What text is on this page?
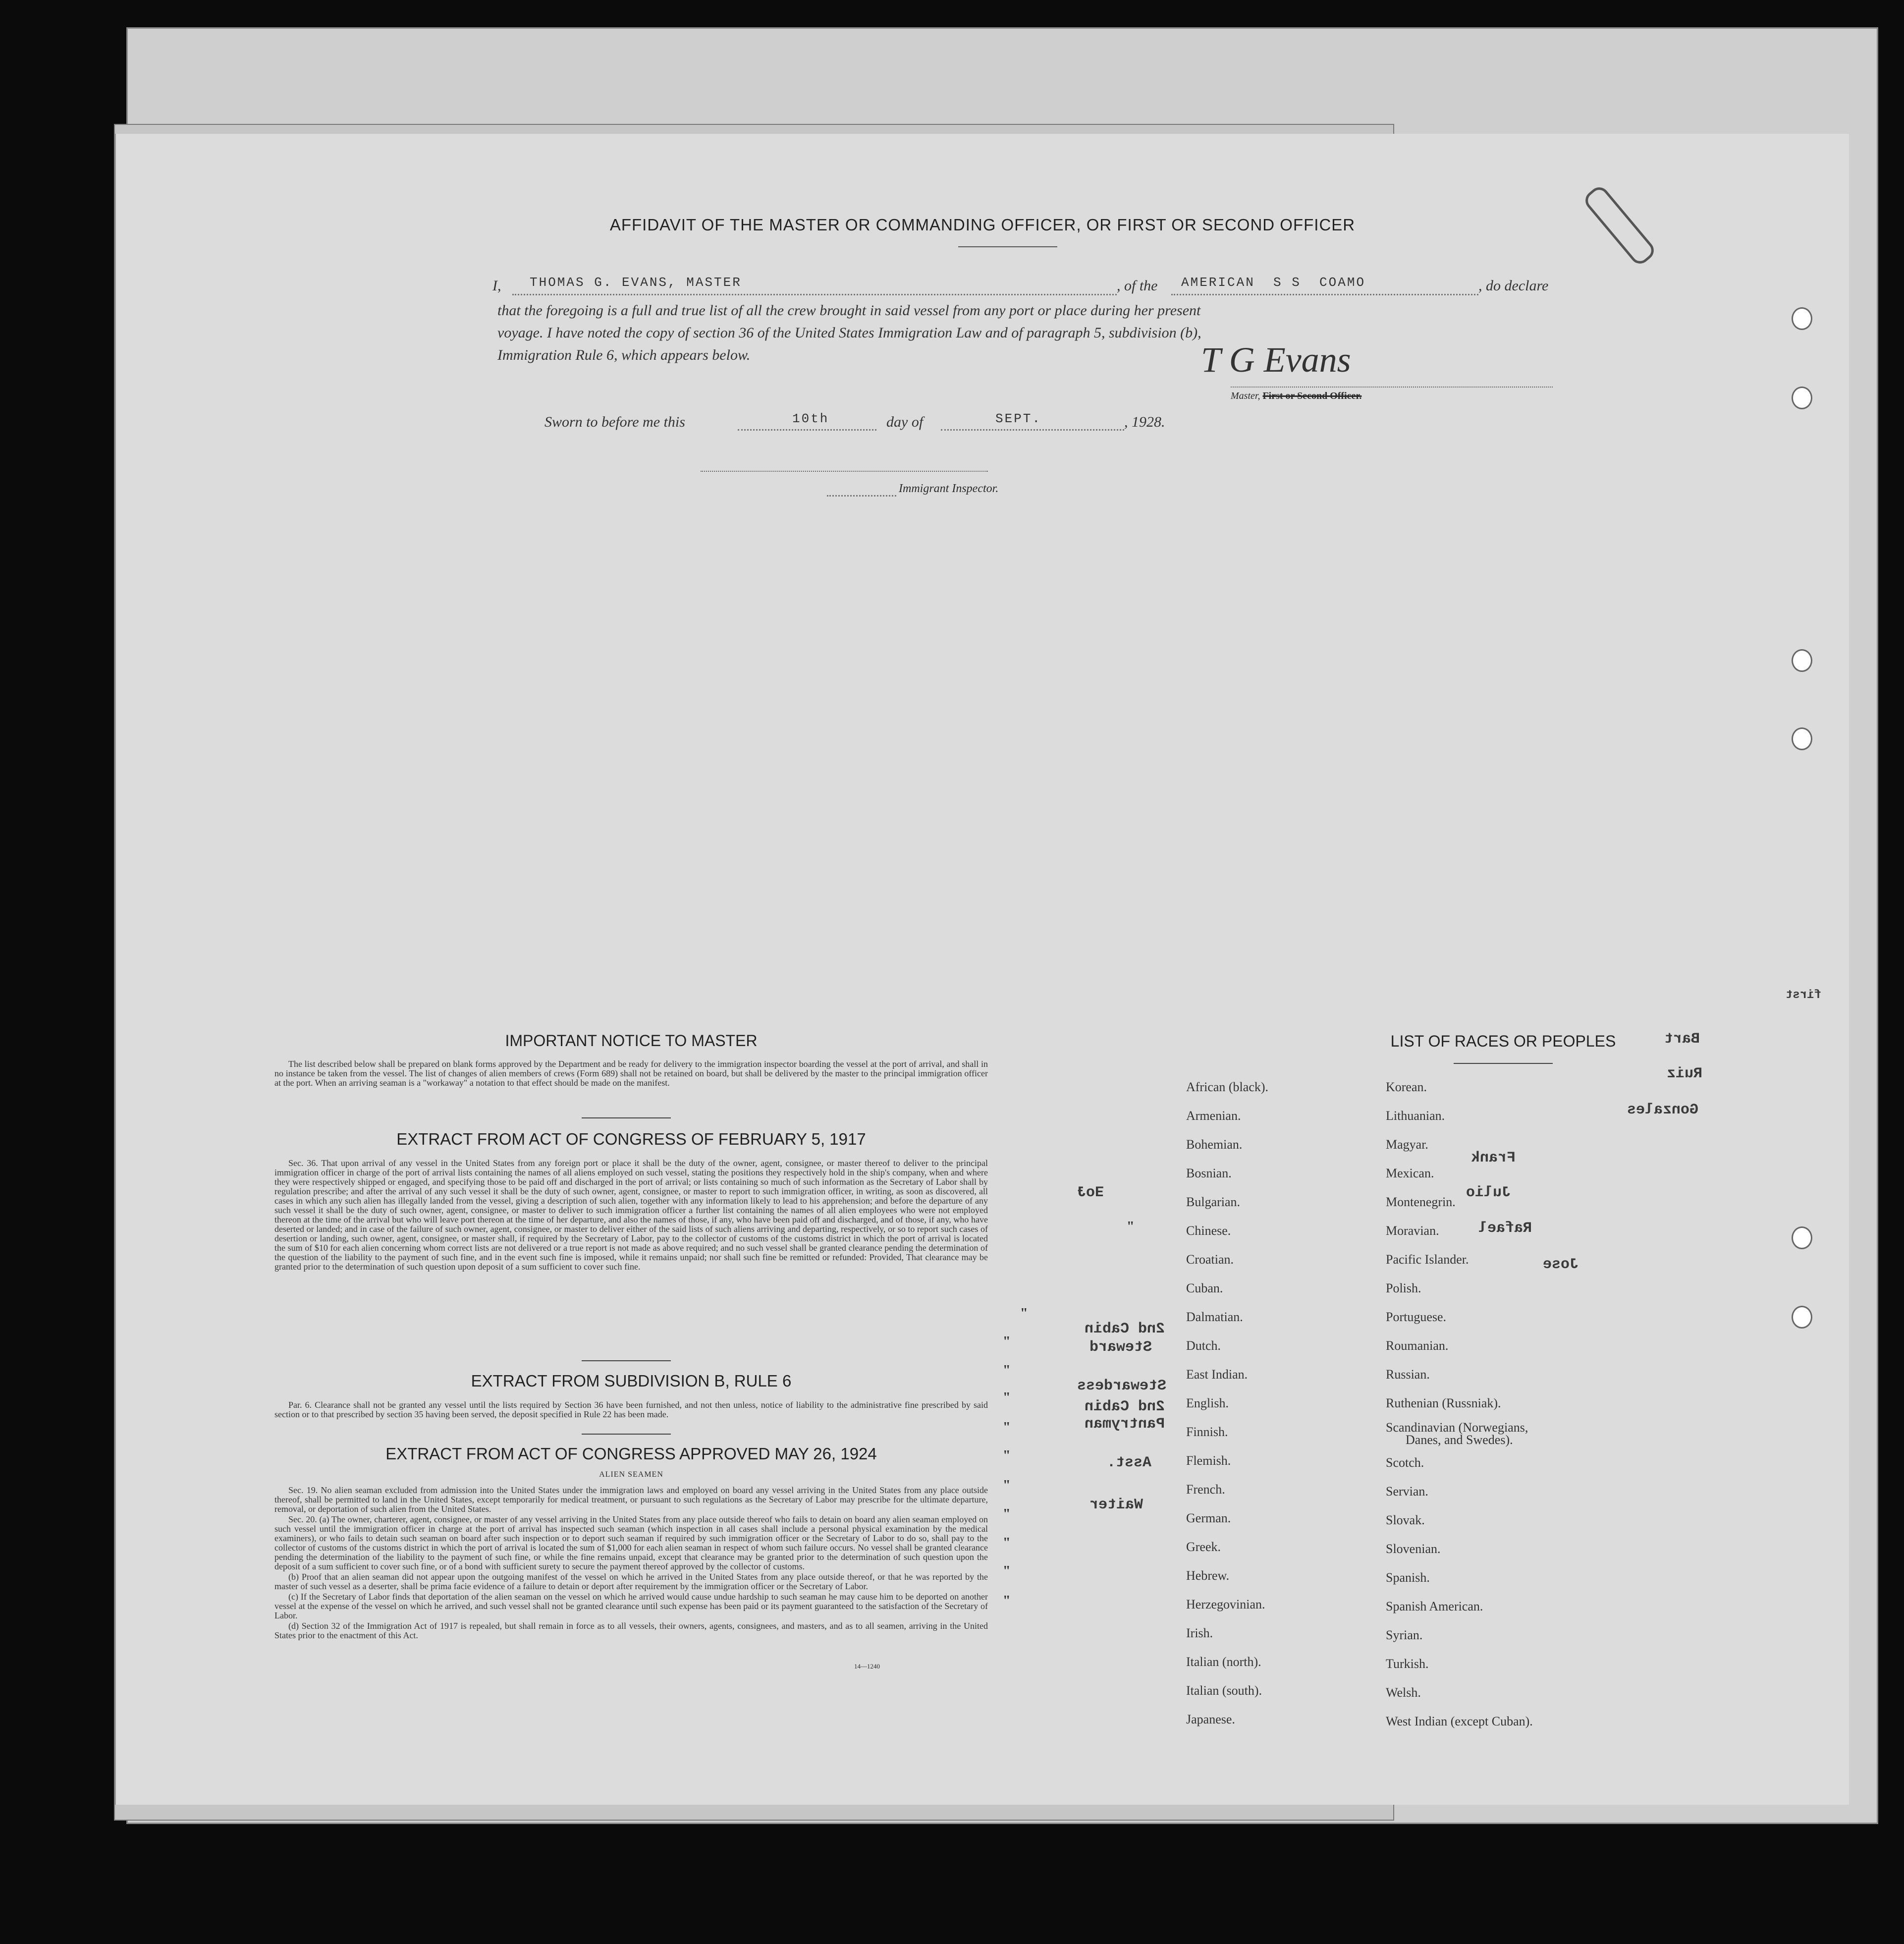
AFFIDAVIT OF THE MASTER OR COMMANDING OFFICER, OR FIRST OR SECOND OFFICER
I,	THOMAS G. EVANS, MASTER	, of the	AMERICAN  S S  COAMO	, do declare
that the foregoing is a full and true list of all the crew brought in said vessel from any port or place during her present
voyage. I have noted the copy of section 36 of the United States Immigration Law and of paragraph 5, subdivision (b),
Immigration Rule 6, which appears below.	T G Evans
Master, First or Second Officer.
Sworn to before me this	10th	day of	SEPT.	, 1928.
Immigrant Inspector.
IMPORTANT NOTICE TO MASTER

The list described below shall be prepared on blank forms approved by the Department and be ready for delivery to the immigration inspector boarding the vessel at the port of arrival, and shall in no instance be taken from the vessel. The list of changes of alien members of crews (Form 689) shall not be retained on board, but shall be delivered by the master to the principal immigration officer at the port. When an arriving seaman is a "workaway" a notation to that effect should be made on the manifest.

EXTRACT FROM ACT OF CONGRESS OF FEBRUARY 5, 1917

Sec. 36. That upon arrival of any vessel in the United States from any foreign port or place it shall be the duty of the owner, agent, consignee, or master thereof to deliver to the principal immigration officer in charge of the port of arrival lists containing the names of all aliens employed on such vessel, stating the positions they respectively hold in the ship's company, when and where they were respectively shipped or engaged, and specifying those to be paid off and discharged in the port of arrival; or lists containing so much of such information as the Secretary of Labor shall by regulation prescribe; and after the arrival of any such vessel it shall be the duty of such owner, agent, consignee, or master to report to such immigration officer, in writing, as soon as discovered, all cases in which any such alien has illegally landed from the vessel, giving a description of such alien, together with any information likely to lead to his apprehension; and before the departure of any such vessel it shall be the duty of such owner, agent, consignee, or master to deliver to such immigration officer a further list containing the names of all alien employees who were not employed thereon at the time of the arrival but who will leave port thereon at the time of her departure, and also the names of those, if any, who have been paid off and discharged, and of those, if any, who have deserted or landed; and in case of the failure of such owner, agent, consignee, or master to deliver either of the said lists of such aliens arriving and departing, respectively, or so to report such cases of desertion or landing, such owner, agent, consignee, or master shall, if required by the Secretary of Labor, pay to the collector of customs of the customs district in which the port of arrival is located the sum of $10 for each alien concerning whom correct lists are not delivered or a true report is not made as above required; and no such vessel shall be granted clearance pending the determination of the question of the liability to the payment of such fine, and in the event such fine is imposed, while it remains unpaid; nor shall such fine be remitted or refunded: Provided, That clearance may be granted prior to the determination of such question upon deposit of a sum sufficient to cover such fine.

EXTRACT FROM SUBDIVISION B, RULE 6

Par. 6. Clearance shall not be granted any vessel until the lists required by Section 36 have been furnished, and not then unless, notice of liability to the administrative fine prescribed by said section or to that prescribed by section 35 having been served, the deposit specified in Rule 22 has been made.

EXTRACT FROM ACT OF CONGRESS APPROVED MAY 26, 1924
ALIEN SEAMEN

Sec. 19. No alien seaman excluded from admission into the United States under the immigration laws and employed on board any vessel arriving in the United States from any place outside thereof, shall be permitted to land in the United States, except temporarily for medical treatment, or pursuant to such regulations as the Secretary of Labor may prescribe for the ultimate departure, removal, or deportation of such alien from the United States.

Sec. 20. (a) The owner, charterer, agent, consignee, or master of any vessel arriving in the United States from any place outside thereof who fails to detain on board any alien seaman employed on such vessel until the immigration officer in charge at the port of arrival has inspected such seaman (which inspection in all cases shall include a personal physical examination by the medical examiners), or who fails to detain such seaman on board after such inspection or to deport such seaman if required by such immigration officer or the Secretary of Labor to do so, shall pay to the collector of customs of the customs district in which the port of arrival is located the sum of $1,000 for each alien seaman in respect of whom such failure occurs. No vessel shall be granted clearance pending the determination of the liability to the payment of such fine, or while the fine remains unpaid, except that clearance may be granted prior to the determination of such question upon the deposit of a sum sufficient to cover such fine, or of a bond with sufficient surety to secure the payment thereof approved by the collector of customs.

(b) Proof that an alien seaman did not appear upon the outgoing manifest of the vessel on which he arrived in the United States from any place outside thereof, or that he was reported by the master of such vessel as a deserter, shall be prima facie evidence of a failure to detain or deport after requirement by the immigration officer or the Secretary of Labor.

(c) If the Secretary of Labor finds that deportation of the alien seaman on the vessel on which he arrived would cause undue hardship to such seaman he may cause him to be deported on another vessel at the expense of the vessel on which he arrived, and such vessel shall not be granted clearance until such expense has been paid or its payment guaranteed to the satisfaction of the Secretary of Labor.

(d) Section 32 of the Immigration Act of 1917 is repealed, but shall remain in force as to all vessels, their owners, agents, consignees, and masters, and as to all seamen, arriving in the United States prior to the enactment of this Act.

14—1240
LIST OF RACES OR PEOPLES
African (black).
Armenian.
Bohemian.
Bosnian.
Bulgarian.
Chinese.
Croatian.
Cuban.
Dalmatian.
Dutch.
East Indian.
English.
Finnish.
Flemish.
French.
German.
Greek.
Hebrew.
Herzegovinian.
Irish.
Italian (north).
Italian (south).
Japanese.
Korean.
Lithuanian.
Magyar.
Mexican.
Montenegrin.
Moravian.
Pacific Islander.
Polish.
Portuguese.
Roumanian.
Russian.
Ruthenian (Russniak).
Scandinavian (Norwegians,
Danes, and Swedes).
Scotch.
Servian.
Slovak.
Slovenian.
Spanish.
Spanish American.
Syrian.
Turkish.
Welsh.
West Indian (except Cuban).
ƎoɈ
2nd Cabin
Steward
Stewardess
2nd Cabin
Pantryman
Asst.
Waiter
Frank
Julio
Rafael
Jose
Bart
Ruiz
Gonzales
first
"
"
"
"
"
"
"
"
"
"
"
"
